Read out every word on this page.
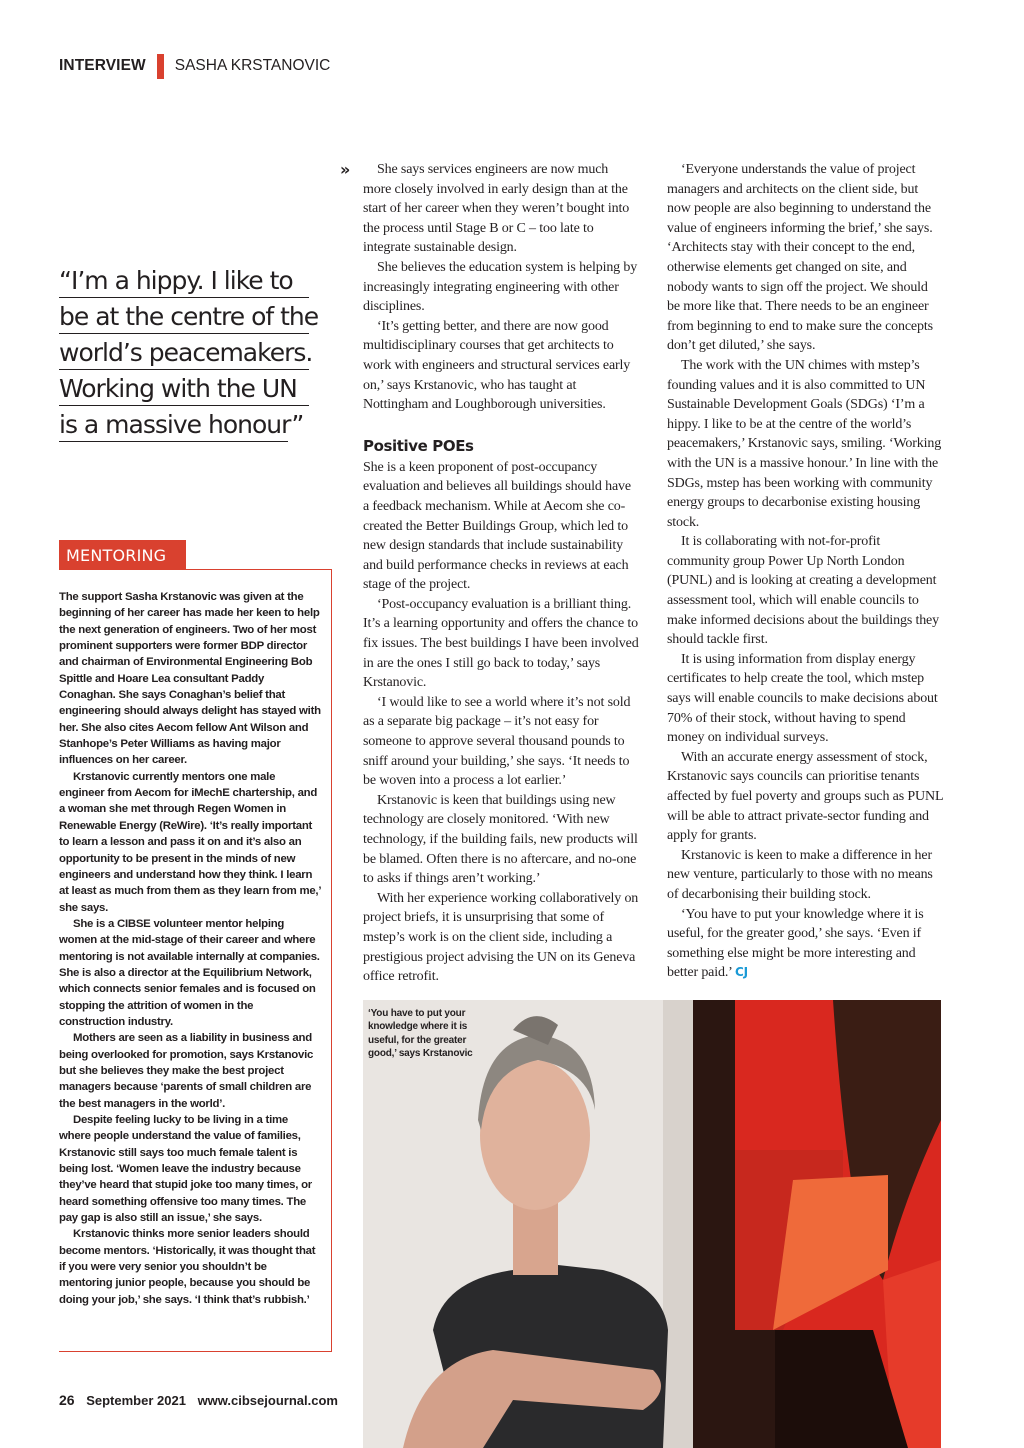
INTERVIEW SASHA KRSTANOVIC
“I’m a hippy. I like to
be at the centre of the
world’s peacemakers.
Working with the UN
is a massive honour”
MENTORING

The support Sasha Krstanovic was given at the beginning of her career has made her keen to help the next generation of engineers. Two of her most prominent supporters were former BDP director and chairman of Environmental Engineering Bob Spittle and Hoare Lea consultant Paddy Conaghan. She says Conaghan’s belief that engineering should always delight has stayed with her. She also cites Aecom fellow Ant Wilson and Stanhope’s Peter Williams as having major influences on her career.

Krstanovic currently mentors one male engineer from Aecom for iMechE chartership, and a woman she met through Regen Women in Renewable Energy (ReWire). ‘It’s really important to learn a lesson and pass it on and it’s also an opportunity to be present in the minds of new engineers and understand how they think. I learn at least as much from them as they learn from me,’ she says.

She is a CIBSE volunteer mentor helping women at the mid-stage of their career and where mentoring is not available internally at companies. She is also a director at the Equilibrium Network, which connects senior females and is focused on stopping the attrition of women in the construction industry.

Mothers are seen as a liability in business and being overlooked for promotion, says Krstanovic but she believes they make the best project managers because ‘parents of small children are the best managers in the world’.

Despite feeling lucky to be living in a time where people understand the value of families, Krstanovic still says too much female talent is being lost. ‘Women leave the industry because they’ve heard that stupid joke too many times, or heard something offensive too many times. The pay gap is also still an issue,’ she says.

Krstanovic thinks more senior leaders should become mentors. ‘Historically, it was thought that if you were very senior you shouldn’t be mentoring junior people, because you should be doing your job,’ she says. ‘I think that’s rubbish.’

»	She says services engineers are now much more closely involved in early design than at the start of her career when they weren’t bought into the process until Stage B or C – too late to integrate sustainable design.

She believes the education system is helping by increasingly integrating engineering with other disciplines.

‘It’s getting better, and there are now good multidisciplinary courses that get architects to work with engineers and structural services early on,’ says Krstanovic, who has taught at Nottingham and Loughborough universities.

Positive POEs

She is a keen proponent of post-occupancy evaluation and believes all buildings should have a feedback mechanism. While at Aecom she co-created the Better Buildings Group, which led to new design standards that include sustainability and build performance checks in reviews at each stage of the project.

‘Post-occupancy evaluation is a brilliant thing. It’s a learning opportunity and offers the chance to fix issues. The best buildings I have been involved in are the ones I still go back to today,’ says Krstanovic.

‘I would like to see a world where it’s not sold as a separate big package – it’s not easy for someone to approve several thousand pounds to sniff around your building,’ she says. ‘It needs to be woven into a process a lot earlier.’

Krstanovic is keen that buildings using new technology are closely monitored. ‘With new technology, if the building fails, new products will be blamed. Often there is no aftercare, and no-one to asks if things aren’t working.’

With her experience working collaboratively on project briefs, it is unsurprising that some of mstep’s work is on the client side, including a prestigious project advising the UN on its Geneva office retrofit.

‘Everyone understands the value of project managers and architects on the client side, but now people are also beginning to understand the value of engineers informing the brief,’ she says. ‘Architects stay with their concept to the end, otherwise elements get changed on site, and nobody wants to sign off the project. We should be more like that. There needs to be an engineer from beginning to end to make sure the concepts don’t get diluted,’ she says.

The work with the UN chimes with mstep’s founding values and it is also committed to UN Sustainable Development Goals (SDGs) ‘I’m a hippy. I like to be at the centre of the world’s peacemakers,’ Krstanovic says, smiling. ‘Working with the UN is a massive honour.’ In line with the SDGs, mstep has been working with community energy groups to decarbonise existing housing stock.

It is collaborating with not-for-profit community group Power Up North London (PUNL) and is looking at creating a development assessment tool, which will enable councils to make informed decisions about the buildings they should tackle first.

It is using information from display energy certificates to help create the tool, which mstep says will enable councils to make decisions about 70% of their stock, without having to spend money on individual surveys.

With an accurate energy assessment of stock, Krstanovic says councils can prioritise tenants affected by fuel poverty and groups such as PUNL will be able to attract private-sector funding and apply for grants.

Krstanovic is keen to make a difference in her new venture, particularly to those with no means of decarbonising their building stock.

‘You have to put your knowledge where it is useful, for the greater good,’ she says. ‘Even if something else might be more interesting and better paid.’ CJ

‘You have to put your knowledge where it is useful, for the greater good,’ says Krstanovic
26 September 2021 www.cibsejournal.com
